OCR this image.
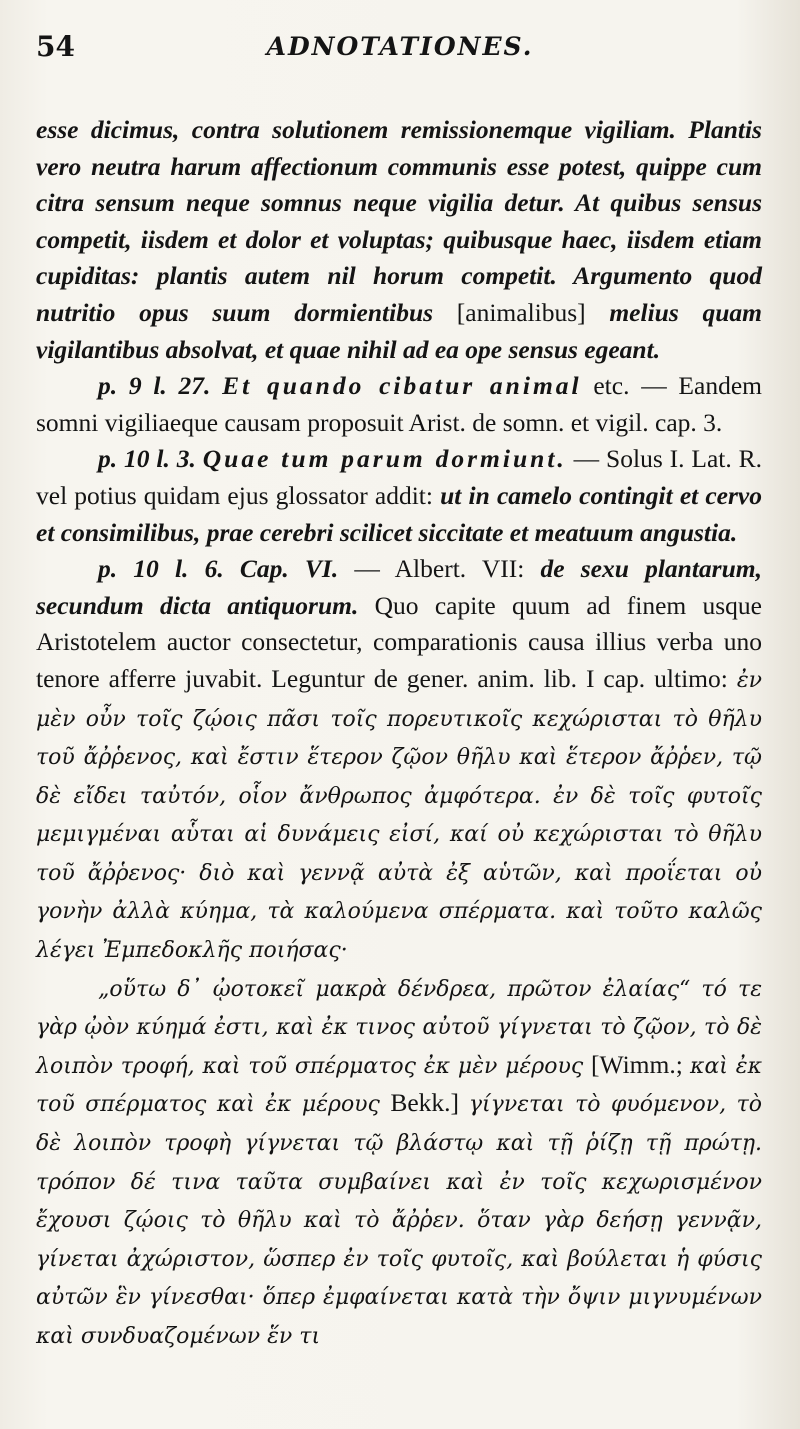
54	ADNOTATIONES.

esse dicimus, contra solutionem remissionemque vigiliam. Plantis vero neutra harum affectionum communis esse potest, quippe cum citra sensum neque somnus neque vigilia detur. At quibus sensus competit, iisdem et dolor et voluptas; quibusque haec, iisdem etiam cupiditas: plantis autem nil horum competit. Argumento quod nutritio opus suum dormientibus [animalibus] melius quam vigilantibus absolvat, et quae nihil ad ea ope sensus egeant.

p. 9 l. 27. Et quando cibatur animal etc. — Eandem somni vigiliaeque causam proposuit Arist. de somn. et vigil. cap. 3.

p. 10 l. 3. Quae tum parum dormiunt. — Solus I. Lat. R. vel potius quidam ejus glossator addit: ut in camelo contingit et cervo et consimilibus, prae cerebri scilicet siccitate et meatuum angustia.

p. 10 l. 6. Cap. VI. — Albert. VII: de sexu plantarum, secundum dicta antiquorum. Quo capite quum ad finem usque Aristotelem auctor consectetur, comparationis causa illius verba uno tenore afferre juvabit. Leguntur de gener. anim. lib. I cap. ultimo: ἐν μὲν οὖν τοῖς ζῴοις πᾶσι τοῖς πορευτικοῖς κεχώρισται τὸ θῆλυ τοῦ ἄῤῥενος, καὶ ἔστιν ἕτερον ζῷον θῆλυ καὶ ἕτερον ἄῤῥεν, τῷ δὲ εἴδει ταὐτόν, οἷον ἄνθρωπος ἀμφότερα. ἐν δὲ τοῖς φυτοῖς μεμιγμέναι αὗται αἱ δυνάμεις εἰσί, καί οὐ κεχώρισται τὸ θῆλυ τοῦ ἄῤῥενος· διὸ καὶ γεννᾷ αὐτὰ ἐξ αὑτῶν, καὶ προΐεται οὐ γονὴν ἀλλὰ κύημα, τὰ καλούμενα σπέρματα. καὶ τοῦτο καλῶς λέγει Ἐμπεδοκλῆς ποιήσας·

„οὕτω δ᾽ ᾠοτοκεῖ μακρὰ δένδρεα, πρῶτον ἐλαίας“ τό τε γὰρ ᾠὸν κύημά ἐστι, καὶ ἐκ τινος αὐτοῦ γίγνεται τὸ ζῷον, τὸ δὲ λοιπὸν τροφή, καὶ τοῦ σπέρματος ἐκ μὲν μέρους [Wimm.; καὶ ἐκ τοῦ σπέρματος καὶ ἐκ μέρους Bekk.] γίγνεται τὸ φυόμενον, τὸ δὲ λοιπὸν τροφὴ γίγνεται τῷ βλάστῳ καὶ τῇ ῥίζῃ τῇ πρώτῃ. τρόπον δέ τινα ταῦτα συμβαίνει καὶ ἐν τοῖς κεχωρισμένον ἔχουσι ζῴοις τὸ θῆλυ καὶ τὸ ἄῤῥεν. ὅταν γὰρ δεήσῃ γεννᾷν, γίνεται ἀχώριστον, ὥσπερ ἐν τοῖς φυτοῖς, καὶ βούλεται ἡ φύσις αὐτῶν ἓν γίνεσθαι· ὅπερ ἐμφαίνεται κατὰ τὴν ὄψιν μιγνυμένων καὶ συνδυαζομένων ἕν τι
